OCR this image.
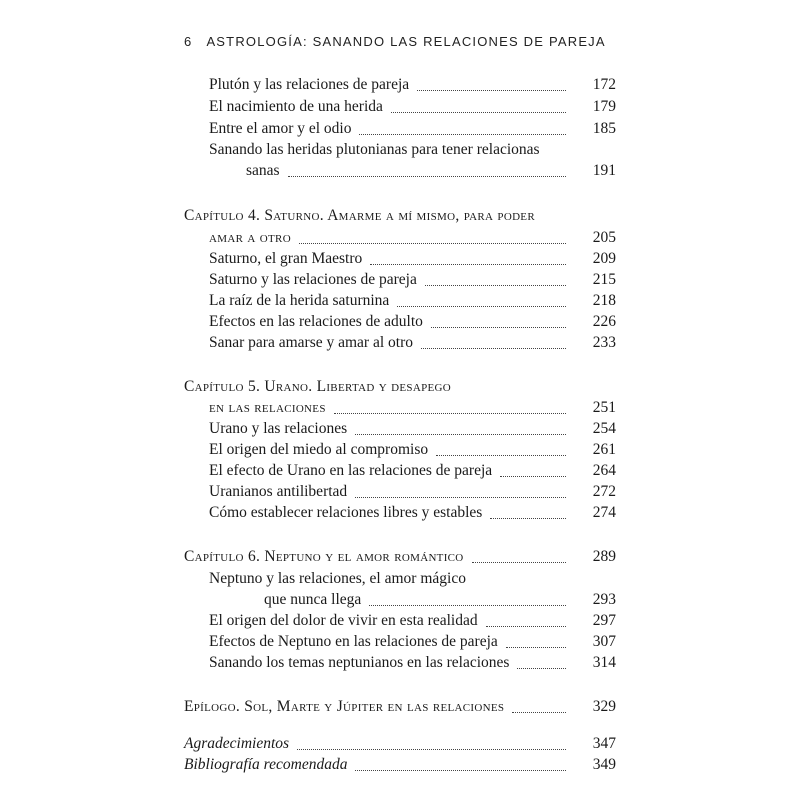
6 ASTROLOGÍA: SANANDO LAS RELACIONES DE PAREJA
Plutón y las relaciones de pareja	172
El nacimiento de una herida	179
Entre el amor y el odio	185
Sanando las heridas plutonianas para tener relacionas
sanas	191
Capítulo 4. Saturno. Amarme a mí mismo, para poder
amar a otro	205
Saturno, el gran Maestro	209
Saturno y las relaciones de pareja	215
La raíz de la herida saturnina	218
Efectos en las relaciones de adulto	226
Sanar para amarse y amar al otro	233
Capítulo 5. Urano. Libertad y desapego
en las relaciones	251
Urano y las relaciones	254
El origen del miedo al compromiso	261
El efecto de Urano en las relaciones de pareja	264
Uranianos antilibertad	272
Cómo establecer relaciones libres y estables	274
Capítulo 6. Neptuno y el amor romántico	289
Neptuno y las relaciones, el amor mágico
que nunca llega	293
El origen del dolor de vivir en esta realidad	297
Efectos de Neptuno en las relaciones de pareja	307
Sanando los temas neptunianos en las relaciones	314
Epílogo. Sol, Marte y Júpiter en las relaciones	329
Agradecimientos	347
Bibliografía recomendada	349
